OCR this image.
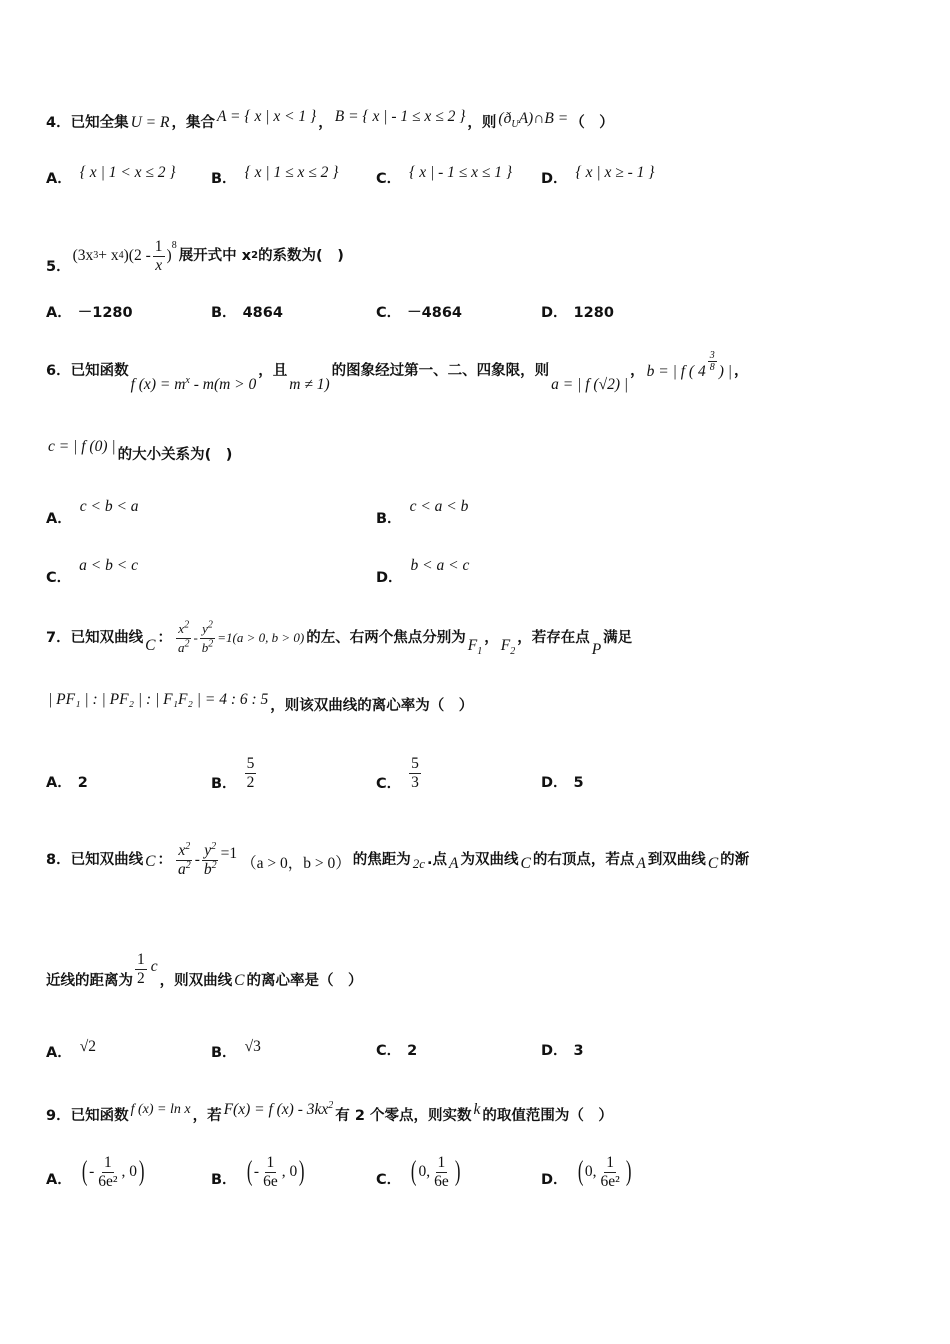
4．已知全集 U = R ，集合 A = { x | x < 1 } ， B = { x | - 1 ≤ x ≤ 2 } ，则 $(ð_UA)\cap B$ = （　）
A． { x | 1 < x ≤ 2 } B． { x | 1 ≤ x ≤ 2 }	C． { x | - 1 ≤ x ≤ 1 } D． { x | x ≥ - 1 }
5．
(3x 3 + x 4 )($2 - \frac{1}{x}$ )
8
展开式中 x 2 的系数为(　)
A． －1280	B． 4864	C． －4864	D． 1280
6．已知函数
f $(x) = m^x - m(m > 0$
，且
m ≠ 1)
的图象经过第一、二、四象限，则
a = | f (√2) |
， b = | f ( $4 \frac{3}{8}$ ) | ，
c = | f (0) | 的大小关系为(　)
A．
c < b < a
B．
c < a < b
C．
a < b < c
D．
b < a < c
7．已知双曲线 C ： $\frac{x^2}{a^2} - \frac{y^2}{b^2} =1(a > 0$, b > 0) 的左、右两个焦点分别为 $F_1$
， $F_2$
，若存在点
P
满足
| PF₁ | : | PF₂ | : | F₁F₂ | = 4 : 6 : 5 ，则该双曲线的离心率为（　）
A． 2	B． $\frac{5}{2}$	C． $\frac{5}{3}$	D． 5
8．已知双曲线 C ： $\frac{x^2}{a^2} - \frac{y^2}{b^2} =1$
（a > 0，b > 0） 的焦距为 2c .点 A 为双曲线 C 的右顶点，若点 A 到双曲线 C 的渐
近线的距离为 $\frac{1}{2}$ c
，则双曲线 C 的离心率是（　）
A． √2	B． √3	C． 2	D． 3
9．已知函数 f (x) = ln x ，若 F(x) = f $(x) - 3kx^2$
有 2 个零点，则实数 k 的取值范围为（　）
A． ( - $\frac{1}{\text{6e²}}$ , 0 )	B． ( - $\frac{1}{6e}$ , 0 )	C． ( 0, $\frac{1}{6e}$ )	D． ( 0, $\frac{1}{\text{6e²}}$ )
